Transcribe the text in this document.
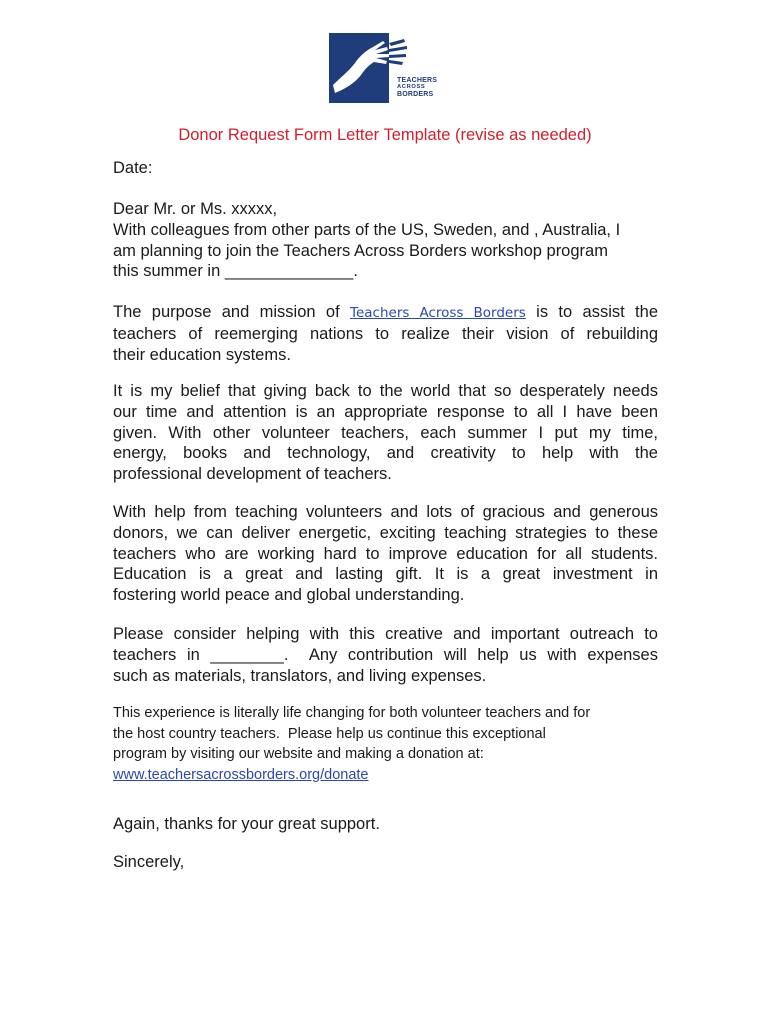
TEACHERS
ACROSS
BORDERS
Donor Request Form Letter Template (revise as needed)
Date:
Dear Mr. or Ms. xxxxx,
With colleagues from other parts of the US, Sweden, and , Australia, I
am planning to join the Teachers Across Borders workshop program
this summer in ______________.
The purpose and mission of Teachers Across Borders is to assist the
teachers of reemerging nations to realize their vision of rebuilding
their education systems.
It is my belief that giving back to the world that so desperately needs
our time and attention is an appropriate response to all I have been
given. With other volunteer teachers, each summer I put my time,
energy, books and technology, and creativity to help with the
professional development of teachers.
With help from teaching volunteers and lots of gracious and generous
donors, we can deliver energetic, exciting teaching strategies to these
teachers who are working hard to improve education for all students.
Education is a great and lasting gift. It is a great investment in
fostering world peace and global understanding.
Please consider helping with this creative and important outreach to
teachers in ________.  Any contribution will help us with expenses
such as materials, translators, and living expenses.
This experience is literally life changing for both volunteer teachers and for
the host country teachers.  Please help us continue this exceptional
program by visiting our website and making a donation at:
www.teachersacrossborders.org/donate
Again, thanks for your great support.
Sincerely,
